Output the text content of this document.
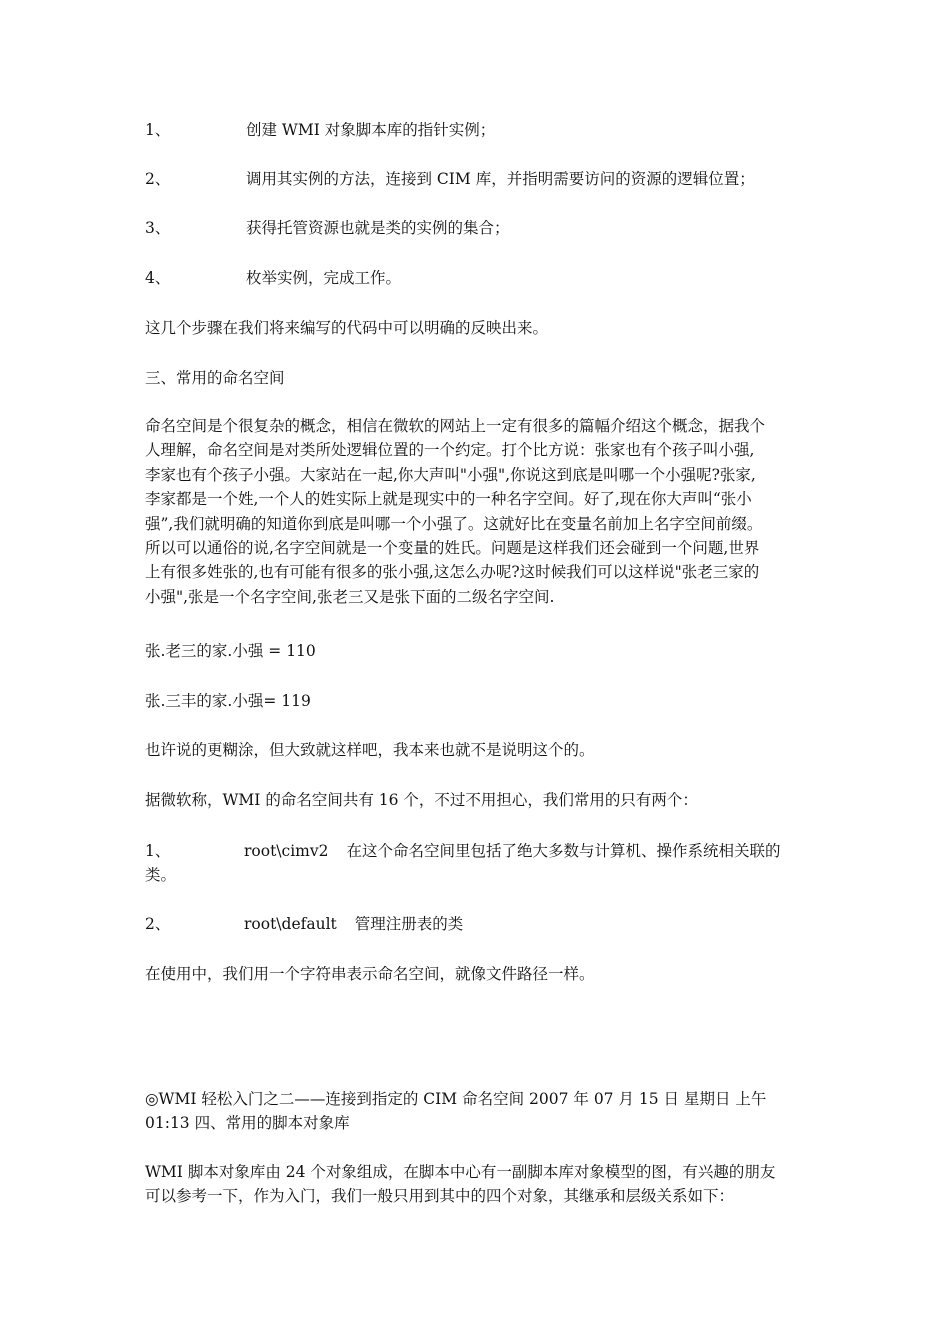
1、	创建 WMI 对象脚本库的指针实例；
2、	调用其实例的方法，连接到 CIM 库，并指明需要访问的资源的逻辑位置；
3、	获得托管资源也就是类的实例的集合；
4、	枚举实例，完成工作。
这几个步骤在我们将来编写的代码中可以明确的反映出来。
三、常用的命名空间
命名空间是个很复杂的概念，相信在微软的网站上一定有很多的篇幅介绍这个概念，据我个
人理解，命名空间是对类所处逻辑位置的一个约定。打个比方说：张家也有个孩子叫小强,
李家也有个孩子小强。大家站在一起,你大声叫"小强",你说这到底是叫哪一个小强呢?张家,
李家都是一个姓,一个人的姓实际上就是现实中的一种名字空间。好了,现在你大声叫“张小
强”,我们就明确的知道你到底是叫哪一个小强了。这就好比在变量名前加上名字空间前缀。
所以可以通俗的说,名字空间就是一个变量的姓氏。问题是这样我们还会碰到一个问题,世界
上有很多姓张的,也有可能有很多的张小强,这怎么办呢?这时候我们可以这样说"张老三家的
小强",张是一个名字空间,张老三又是张下面的二级名字空间.
张.老三的家.小强 = 110
张.三丰的家.小强= 119
也许说的更糊涂，但大致就这样吧，我本来也就不是说明这个的。
据微软称，WMI 的命名空间共有 16 个，不过不用担心，我们常用的只有两个：
1、	root\cimv2 在这个命名空间里包括了绝大多数与计算机、操作系统相关联的
类。
2、	root\default 管理注册表的类
在使用中，我们用一个字符串表示命名空间，就像文件路径一样。
◎WMI 轻松入门之二——连接到指定的 CIM 命名空间 2007 年 07 月 15 日 星期日 上午
01:13 四、常用的脚本对象库
WMI 脚本对象库由 24 个对象组成，在脚本中心有一副脚本库对象模型的图，有兴趣的朋友
可以参考一下，作为入门，我们一般只用到其中的四个对象，其继承和层级关系如下：
